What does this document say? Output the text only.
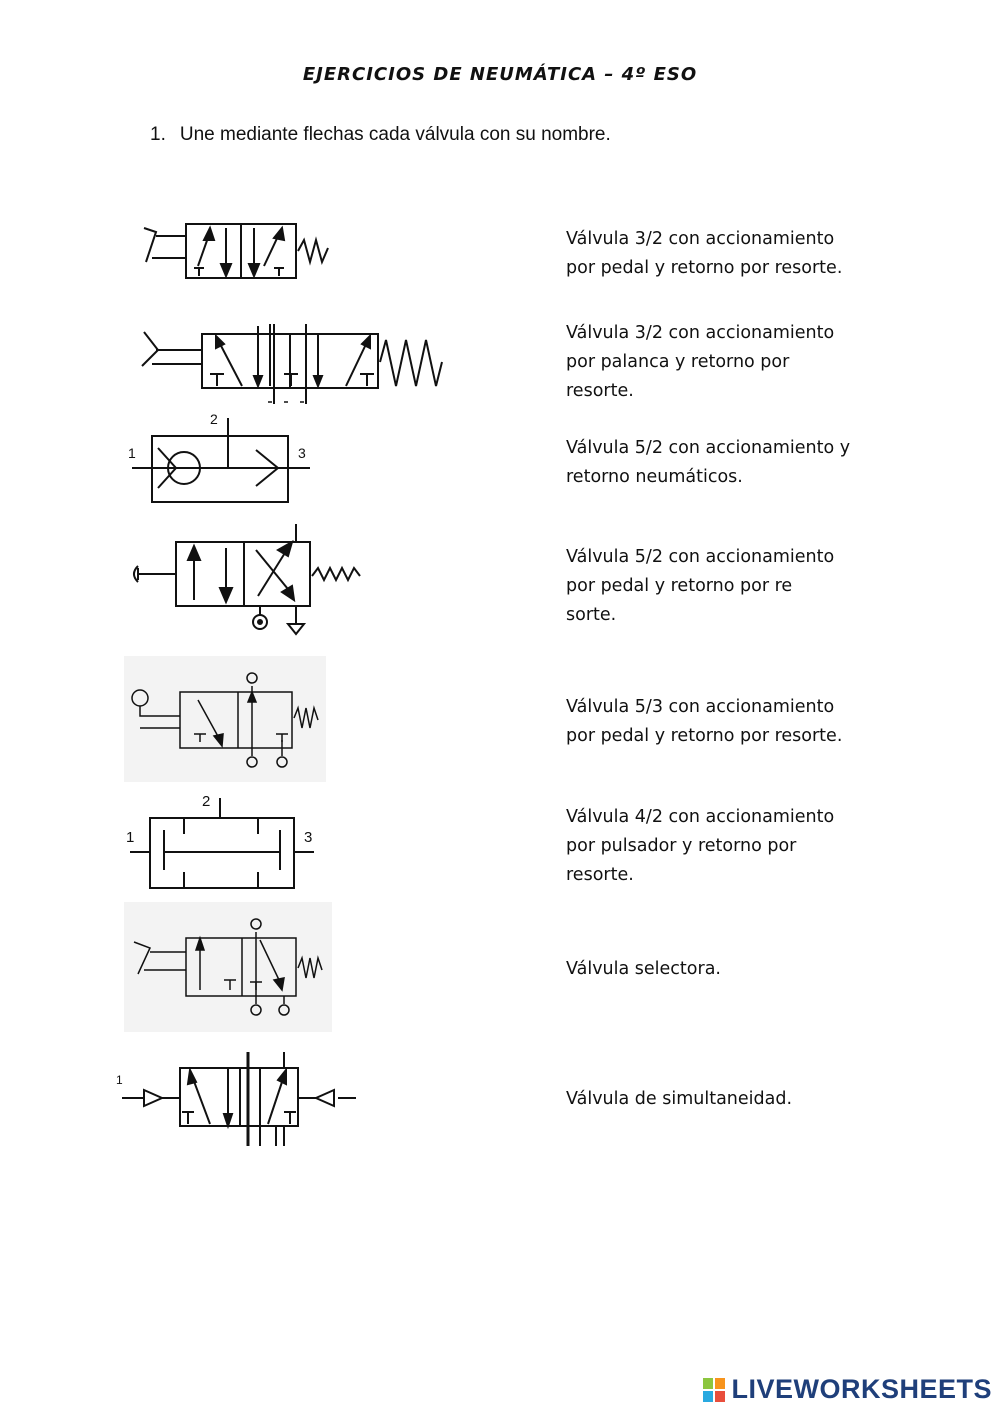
EJERCICIOS DE NEUMÁTICA – 4º ESO
1. Une mediante flechas cada válvula con su nombre.
2
1	3
2
1	3
1
Válvula 3/2 con accionamiento
por pedal y retorno por resorte.
Válvula 3/2 con accionamiento
por palanca y retorno por
resorte.
Válvula 5/2 con accionamiento y
retorno neumáticos.
Válvula 5/2 con accionamiento
por pedal y retorno por re
sorte.
Válvula 5/3 con accionamiento
por pedal y retorno por resorte.
Válvula 4/2 con accionamiento
por pulsador y retorno por
resorte.
Válvula selectora.
Válvula de simultaneidad.
LIVEWORKSHEETS
